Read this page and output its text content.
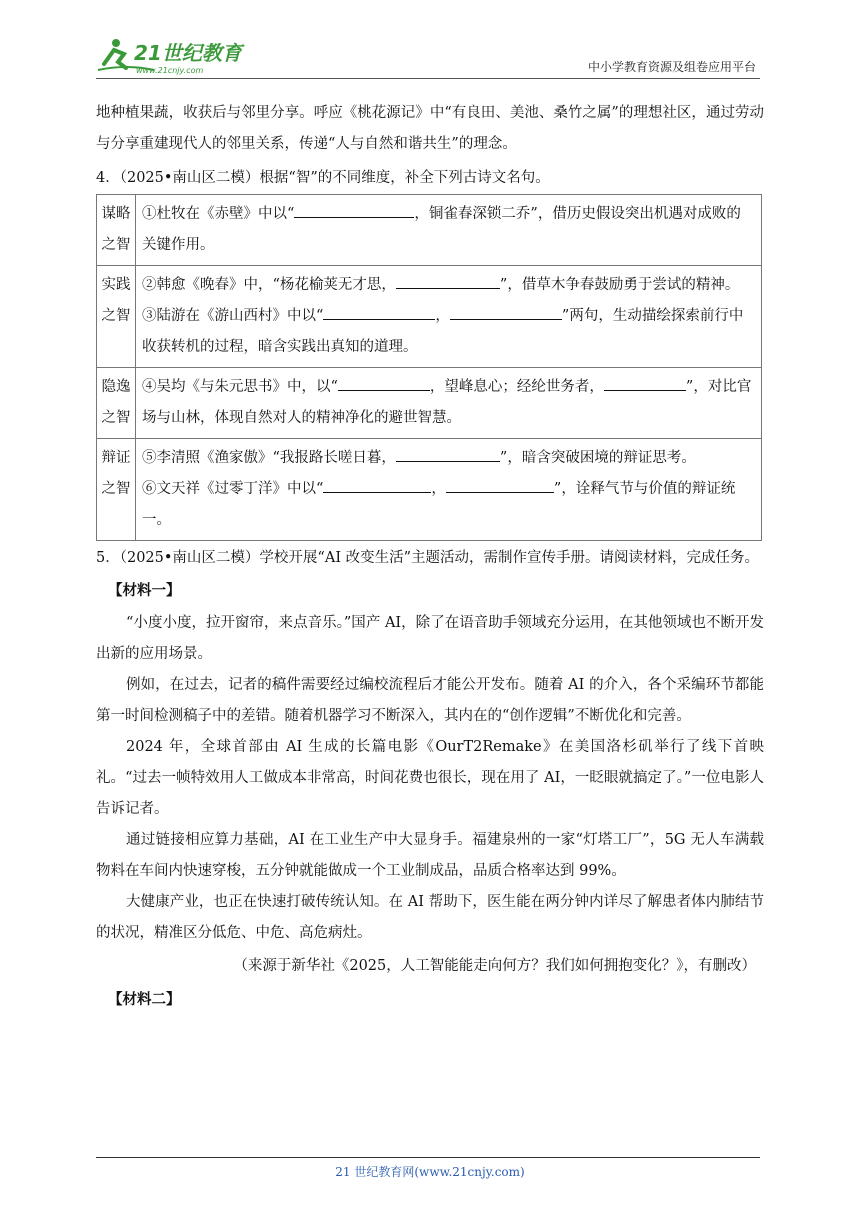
21世纪教育
www.21cnjy.com	中小学教育资源及组卷应用平台

地种植果蔬，收获后与邻里分享。呼应《桃花源记》中“有良田、美池、桑竹之属”的理想社区，通过劳动与分享重建现代人的邻里关系，传递“人与自然和谐共生”的理念。

4．（2025•南山区二模）根据“智”的不同维度，补全下列古诗文名句。

谋略之智	①杜牧在《赤壁》中以“ ，铜雀春深锁二乔”，借历史假设突出机遇对成败的关键作用。
实践之智	②韩愈《晚春》中，“杨花榆荚无才思， ”，借草木争春鼓励勇于尝试的精神。
③陆游在《游山西村》中以“ ， ”两句，生动描绘探索前行中收获转机的过程，暗含实践出真知的道理。

隐逸之智	④吴均《与朱元思书》中，以“ ，望峰息心；经纶世务者， ”，对比官场与山林，体现自然对人的精神净化的避世智慧。
辩证之智	⑤李清照《渔家傲》“我报路长嗟日暮， ”，暗含突破困境的辩证思考。
⑥文天祥《过零丁洋》中以“ ， ”，诠释气节与价值的辩证统一。

5．（2025•南山区二模）学校开展“AI 改变生活”主题活动，需制作宣传手册。请阅读材料，完成任务。

【材料一】

“小度小度，拉开窗帘，来点音乐。”国产 AI，除了在语音助手领域充分运用，在其他领域也不断开发出新的应用场景。

例如，在过去，记者的稿件需要经过编校流程后才能公开发布。随着 AI 的介入，各个采编环节都能第一时间检测稿子中的差错。随着机器学习不断深入，其内在的“创作逻辑”不断优化和完善。

2024 年，全球首部由 AI 生成的长篇电影《OurT2Remake》在美国洛杉矶举行了线下首映礼。“过去一帧特效用人工做成本非常高，时间花费也很长，现在用了 AI，一眨眼就搞定了。”一位电影人告诉记者。

通过链接相应算力基础，AI 在工业生产中大显身手。福建泉州的一家“灯塔工厂”，5G 无人车满载物料在车间内快速穿梭，五分钟就能做成一个工业制成品，品质合格率达到 99%。

大健康产业，也正在快速打破传统认知。在 AI 帮助下，医生能在两分钟内详尽了解患者体内肺结节的状况，精准区分低危、中危、高危病灶。

（来源于新华社《2025，人工智能能走向何方？我们如何拥抱变化？》，有删改）

【材料二】

21 世纪教育网(www.21cnjy.com)
